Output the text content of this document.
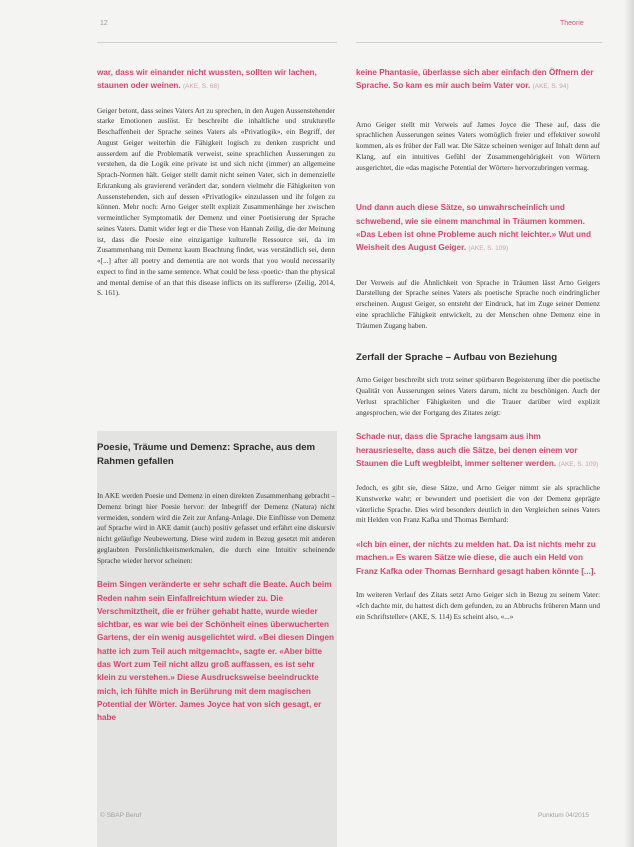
12	Theorie

war, dass wir einander nicht wussten, sollten wir lachen, staunen oder weinen. (AKE, S. 68)

Geiger betont, dass seines Vaters Art zu sprechen, in den Augen Aussenstehender starke Emotionen auslöst. Er beschreibt die inhaltliche und strukturelle Beschaffenheit der Sprache seines Vaters als «Privatlogik», ein Begriff, der August Geiger weiterhin die Fähigkeit logisch zu denken zuspricht und ausserdem auf die Problematik verweist, seine sprachlichen Äusserungen zu verstehen, da die Logik eine private ist und sich nicht (immer) an allgemeine Sprach-Normen hält. Geiger stellt damit nicht seinen Vater, sich in demenzielle Erkrankung als gravierend verändert dar, sondern vielmehr die Fähigkeiten von Aussenstehenden, sich auf dessen «Privatlogik» einzulassen und ihr folgen zu können. Mehr noch: Arno Geiger stellt explizit Zusammenhänge her zwischen vermeintlicher Symptomatik der Demenz und einer Poetisierung der Sprache seines Vaters. Damit wider legt er die These von Hannah Zeilig, die der Meinung ist, dass die Poesie eine einzigartige kulturelle Ressource sei, da im Zusammenhang mit Demenz kaum Beachtung findet, was verständlich sei, denn «[...] after all poetry and dementia are not words that you would necessarily expect to find in the same sentence. What could be less ‹poetic› than the physical and mental demise of an that this disease inflicts on its sufferers» (Zeilig, 2014, S. 161).

Poesie, Träume und Demenz: Sprache, aus dem Rahmen gefallen

In AKE werden Poesie und Demenz in einen direkten Zusammenhang gebracht – Demenz bringt hier Poesie hervor: der Inbegriff der Demenz (Natura) nicht vermeiden, sondern wird die Zeit zur Anfang-Anlage. Die Einflüsse von Demenz auf Sprache wird in AKE damit (auch) positiv gefasset und erfährt eine diskursiv nicht geläufige Neubewertung. Diese wird zudem in Bezug gesetzt mit anderen geglaubten Persönlichkeitsmerkmalen, die durch eine Intuitiv scheinende Sprache wieder hervor scheinen:

Beim Singen veränderte er sehr schaft die Beate. Auch beim Reden nahm sein Einfallreichtum wieder zu. Die Verschmitztheit, die er früher gehabt hatte, wurde wieder sichtbar, es war wie bei der Schönheit eines überwucherten Gartens, der ein wenig ausgelichtet wird. «Bei diesen Dingen hatte ich zum Teil auch mitgemacht», sagte er. «Aber bitte das Wort zum Teil nicht allzu groß auffassen, es ist sehr klein zu verstehen.» Diese Ausdrucksweise beeindruckte mich, ich fühlte mich in Berührung mit dem magischen Potential der Wörter. James Joyce hat von sich gesagt, er habe

keine Phantasie, überlasse sich aber einfach den Öffnern der Sprache. So kam es mir auch beim Vater vor. (AKE, S. 94)

Arno Geiger stellt mit Verweis auf James Joyce die These auf, dass die sprachlichen Äusserungen seines Vaters womöglich freier und effektiver sowohl kommen, als es früher der Fall war. Die Sätze scheinen weniger auf Inhalt denn auf Klang, auf ein intuitives Gefühl der Zusammengehörigkeit von Wörtern ausgerichtet, die «das magische Potential der Wörter» hervorzubringen vermag.

Und dann auch diese Sätze, so unwahrscheinlich und schwebend, wie sie einem manchmal in Träumen kommen. «Das Leben ist ohne Probleme auch nicht leichter.» Wut und Weisheit des August Geiger. (AKE, S. 109)

Der Verweis auf die Ähnlichkeit von Sprache in Träumen lässt Arno Geigers Darstellung der Sprache seines Vaters als poetische Sprache noch eindringlicher erscheinen. August Geiger, so entsteht der Eindruck, hat im Zuge seiner Demenz eine sprachliche Fähigkeit entwickelt, zu der Menschen ohne Demenz eine in Träumen Zugang haben.

Zerfall der Sprache – Aufbau von Beziehung

Arno Geiger beschreibt sich trotz seiner spürbaren Begeisterung über die poetische Qualität von Äusserungen seines Vaters darum, nicht zu beschönigen. Auch der Verlust sprachlicher Fähigkeiten und die Trauer darüber wird explizit angesprochen, wie der Fortgang des Zitates zeigt:

Schade nur, dass die Sprache langsam aus ihm herausrieselte, dass auch die Sätze, bei denen einem vor Staunen die Luft wegbleibt, immer seltener werden. (AKE, S. 109)

Jedoch, es gibt sie, diese Sätze, und Arno Geiger nimmt sie als sprachliche Kunstwerke wahr; er bewundert und poetisiert die von der Demenz geprägte väterliche Sprache. Dies wird besonders deutlich in den Vergleichen seines Vaters mit Helden von Franz Kafka und Thomas Bernhard:

«Ich bin einer, der nichts zu melden hat. Da ist nichts mehr zu machen.» Es waren Sätze wie diese, die auch ein Held von Franz Kafka oder Thomas Bernhard gesagt haben könnte [...].

Im weiteren Verlauf des Zitats setzt Arno Geiger sich in Bezug zu seinem Vater: «Ich dachte mir, du hattest dich dem gefunden, zu an Abbruchs früheren Mann und ein Schriftsteller» (AKE, S. 114) Es scheint also, «...»

© SBAP Beruf	Punktum 04/2015
